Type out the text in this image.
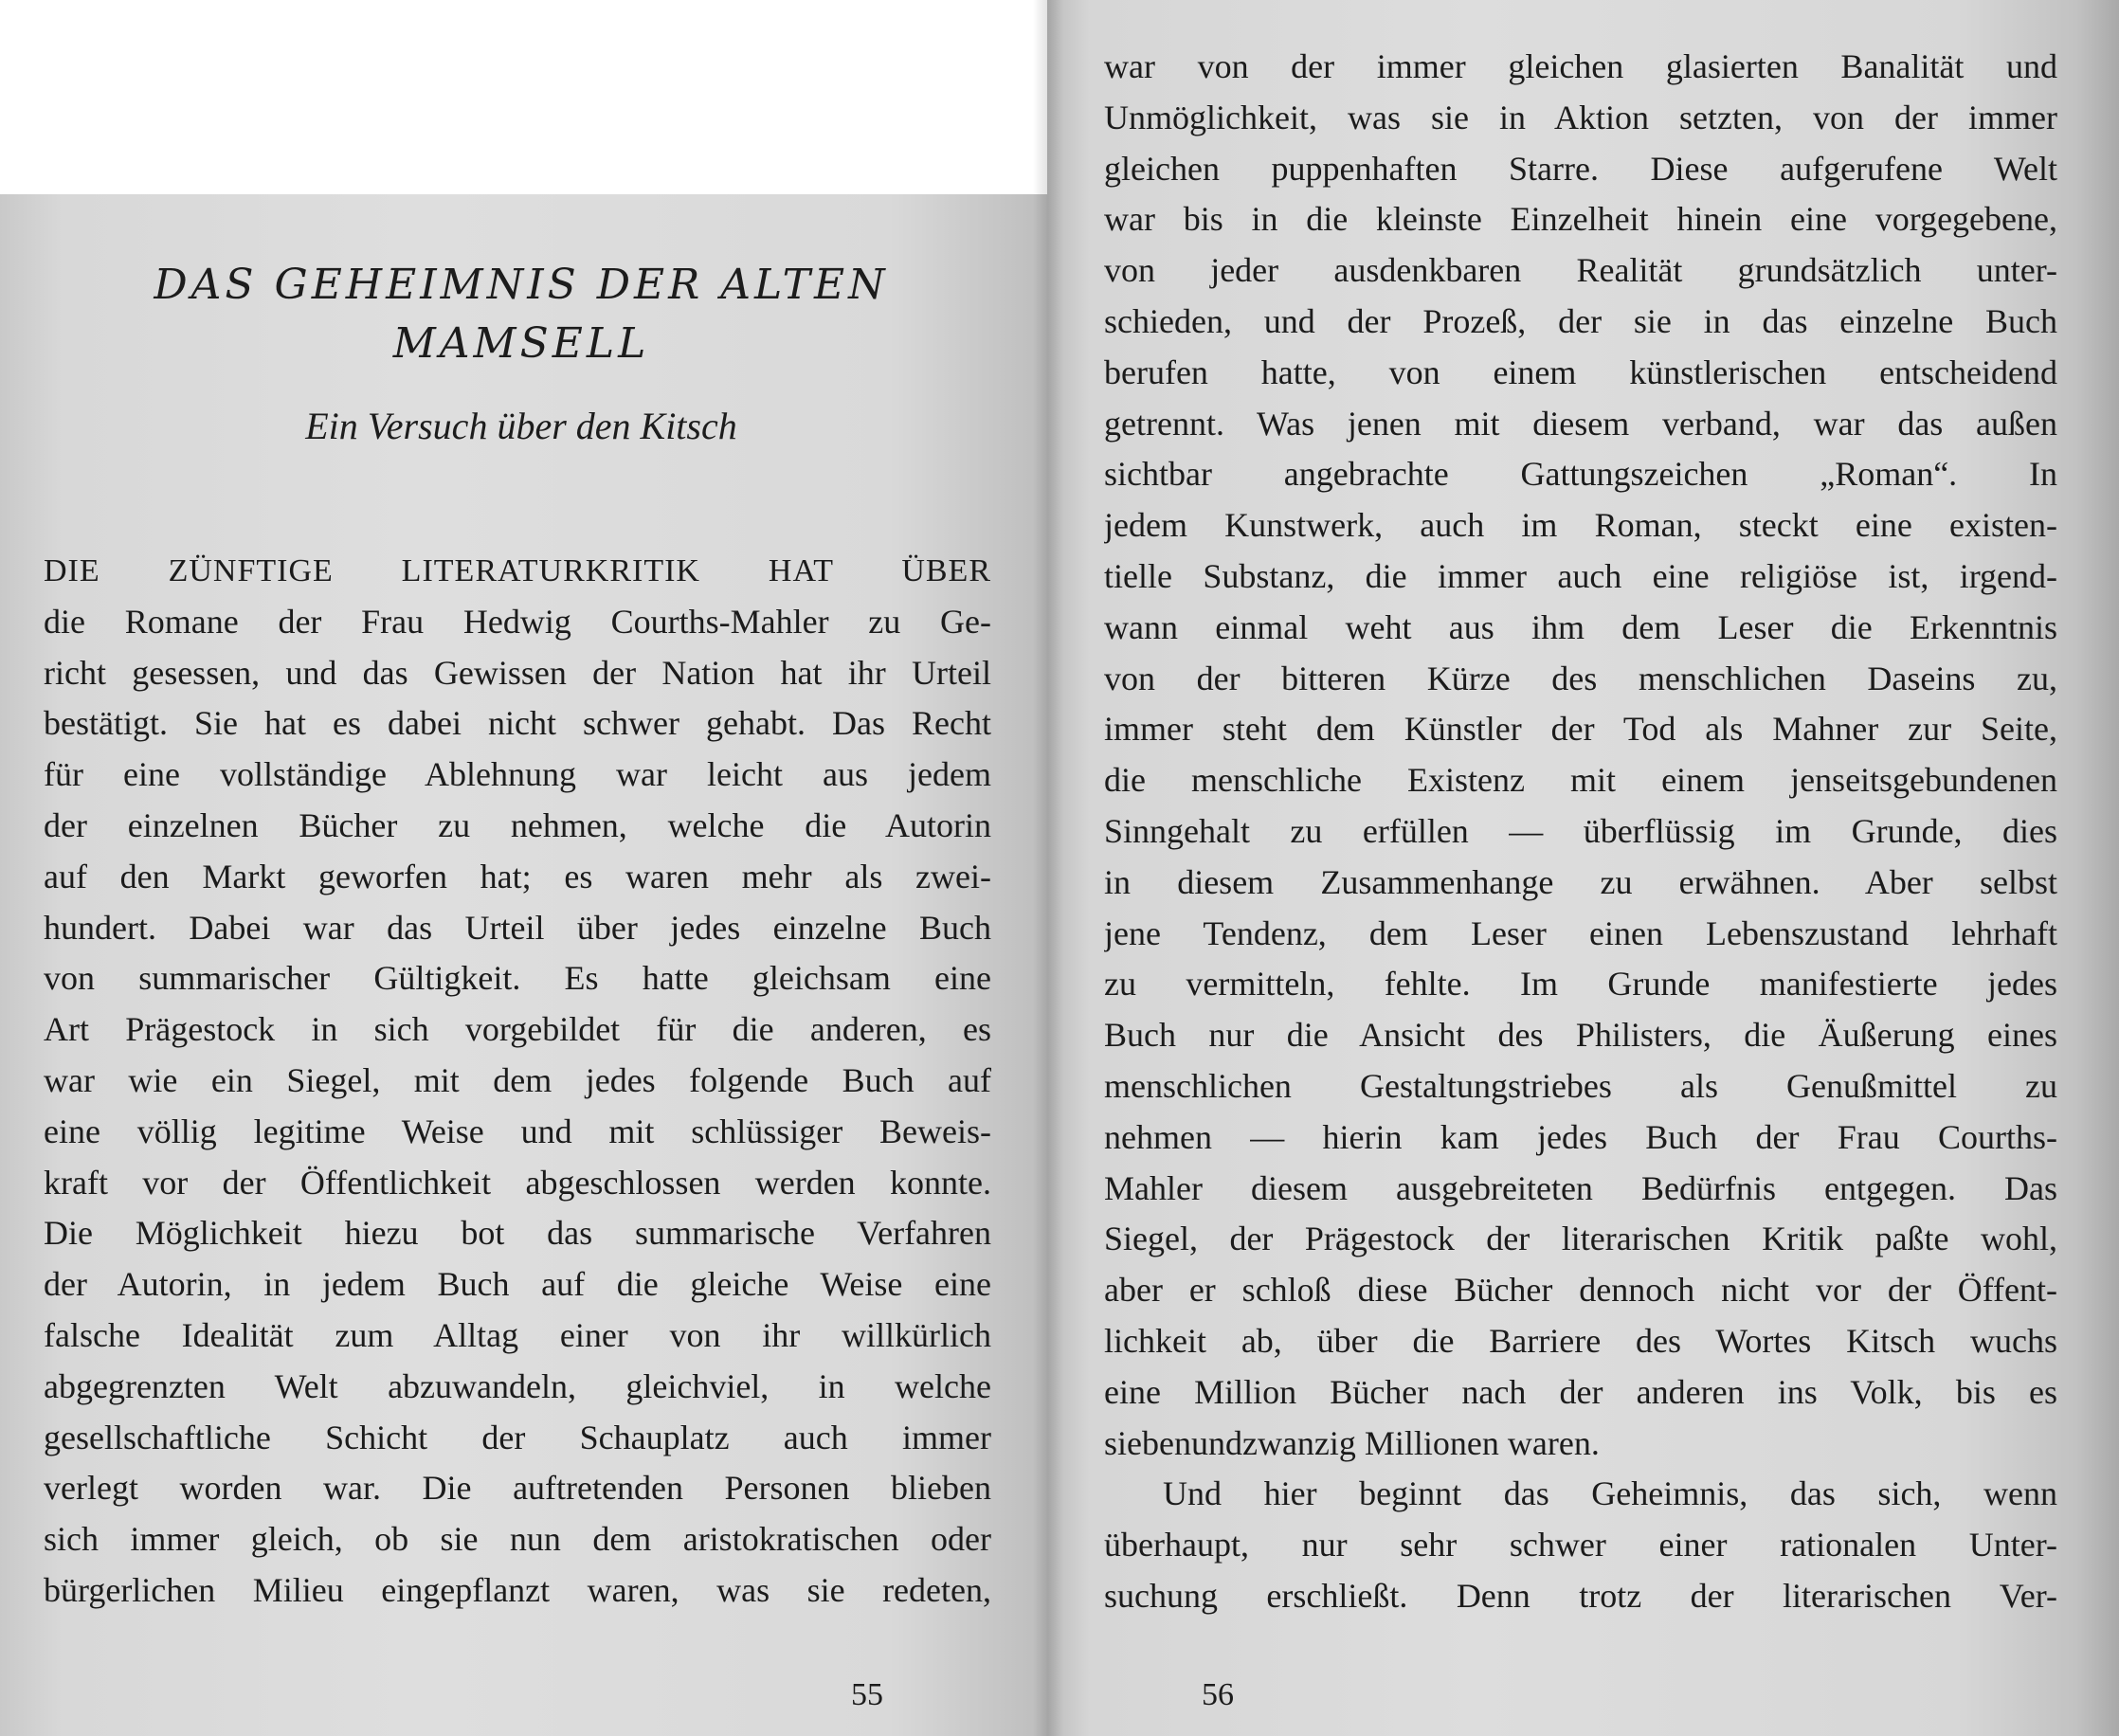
DAS GEHEIMNIS DER ALTEN
MAMSELL
Ein Versuch über den Kitsch
DIE ZÜNFTIGE LITERATURKRITIK HAT ÜBER
die Romane der Frau Hedwig Courths-Mahler zu Ge-
richt gesessen, und das Gewissen der Nation hat ihr Urteil
bestätigt. Sie hat es dabei nicht schwer gehabt. Das Recht
für eine vollständige Ablehnung war leicht aus jedem
der einzelnen Bücher zu nehmen, welche die Autorin
auf den Markt geworfen hat; es waren mehr als zwei-
hundert. Dabei war das Urteil über jedes einzelne Buch
von summarischer Gültigkeit. Es hatte gleichsam eine
Art Prägestock in sich vorgebildet für die anderen, es
war wie ein Siegel, mit dem jedes folgende Buch auf
eine völlig legitime Weise und mit schlüssiger Beweis-
kraft vor der Öffentlichkeit abgeschlossen werden konnte.
Die Möglichkeit hiezu bot das summarische Verfahren
der Autorin, in jedem Buch auf die gleiche Weise eine
falsche Idealität zum Alltag einer von ihr willkürlich
abgegrenzten Welt abzuwandeln, gleichviel, in welche
gesellschaftliche Schicht der Schauplatz auch immer
verlegt worden war. Die auftretenden Personen blieben
sich immer gleich, ob sie nun dem aristokratischen oder
bürgerlichen Milieu eingepflanzt waren, was sie redeten,
war von der immer gleichen glasierten Banalität und
Unmöglichkeit, was sie in Aktion setzten, von der immer
gleichen puppenhaften Starre. Diese aufgerufene Welt
war bis in die kleinste Einzelheit hinein eine vorgegebene,
von jeder ausdenkbaren Realität grundsätzlich unter-
schieden, und der Prozeß, der sie in das einzelne Buch
berufen hatte, von einem künstlerischen entscheidend
getrennt. Was jenen mit diesem verband, war das außen
sichtbar angebrachte Gattungszeichen „Roman“. In
jedem Kunstwerk, auch im Roman, steckt eine existen-
tielle Substanz, die immer auch eine religiöse ist, irgend-
wann einmal weht aus ihm dem Leser die Erkenntnis
von der bitteren Kürze des menschlichen Daseins zu,
immer steht dem Künstler der Tod als Mahner zur Seite,
die menschliche Existenz mit einem jenseitsgebundenen
Sinngehalt zu erfüllen — überflüssig im Grunde, dies
in diesem Zusammenhange zu erwähnen. Aber selbst
jene Tendenz, dem Leser einen Lebenszustand lehrhaft
zu vermitteln, fehlte. Im Grunde manifestierte jedes
Buch nur die Ansicht des Philisters, die Äußerung eines
menschlichen Gestaltungstriebes als Genußmittel zu
nehmen — hierin kam jedes Buch der Frau Courths-
Mahler diesem ausgebreiteten Bedürfnis entgegen. Das
Siegel, der Prägestock der literarischen Kritik paßte wohl,
aber er schloß diese Bücher dennoch nicht vor der Öffent-
lichkeit ab, über die Barriere des Wortes Kitsch wuchs
eine Million Bücher nach der anderen ins Volk, bis es
siebenundzwanzig Millionen waren.
Und hier beginnt das Geheimnis, das sich, wenn
überhaupt, nur sehr schwer einer rationalen Unter-
suchung erschließt. Denn trotz der literarischen Ver-
55	56
